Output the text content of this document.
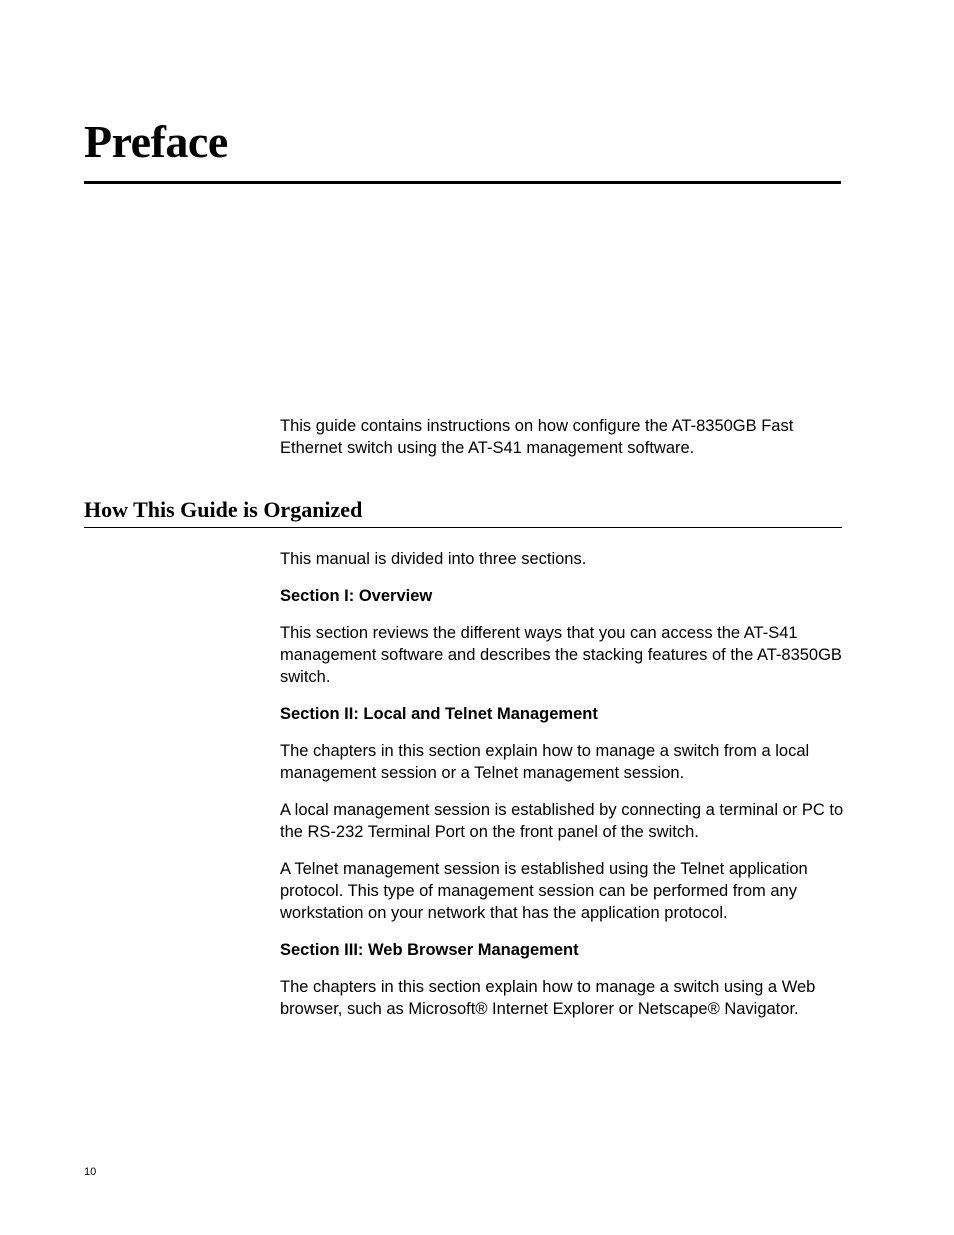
Preface

This guide contains instructions on how configure the AT-8350GB Fast Ethernet switch using the AT-S41 management software.

How This Guide is Organized

This manual is divided into three sections.

Section I: Overview

This section reviews the different ways that you can access the AT-S41 management software and describes the stacking features of the AT-8350GB switch.

Section II: Local and Telnet Management

The chapters in this section explain how to manage a switch from a local management session or a Telnet management session.

A local management session is established by connecting a terminal or PC to the RS-232 Terminal Port on the front panel of the switch.

A Telnet management session is established using the Telnet application protocol. This type of management session can be performed from any workstation on your network that has the application protocol.

Section III: Web Browser Management

The chapters in this section explain how to manage a switch using a Web browser, such as Microsoft® Internet Explorer or Netscape® Navigator.

10
